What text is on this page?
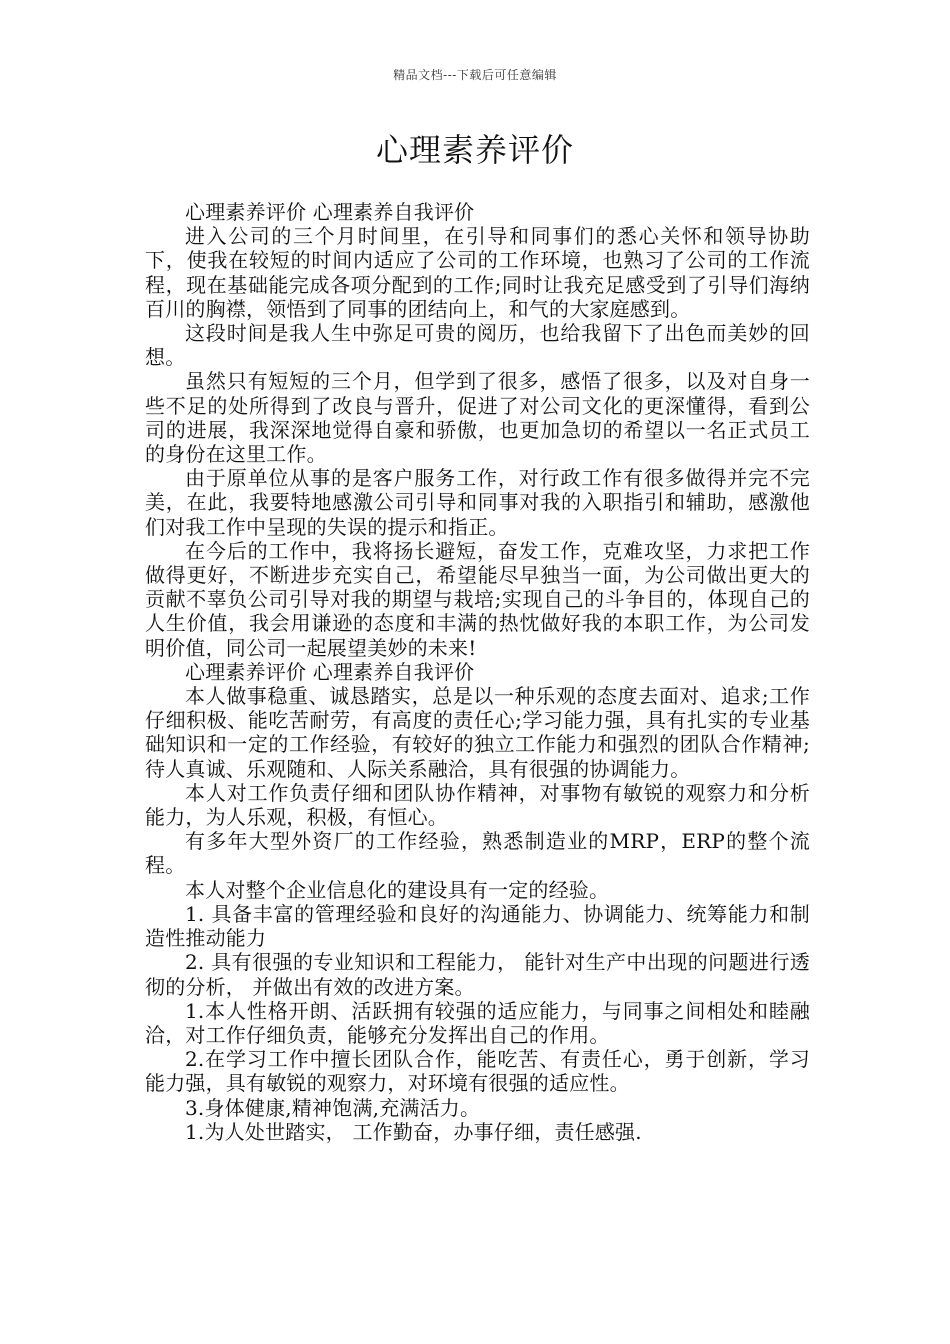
精品文档---下载后可任意编辑
心理素养评价

心理素养评价 心理素养自我评价

进入公司的三个月时间里，在引导和同事们的悉心关怀和领导协助下，使我在较短的时间内适应了公司的工作环境，也熟习了公司的工作流程，现在基础能完成各项分配到的工作;同时让我充足感受到了引导们海纳百川的胸襟，领悟到了同事的团结向上，和气的大家庭感到。

这段时间是我人生中弥足可贵的阅历，也给我留下了出色而美妙的回想。

虽然只有短短的三个月，但学到了很多，感悟了很多，以及对自身一些不足的处所得到了改良与晋升，促进了对公司文化的更深懂得，看到公司的进展，我深深地觉得自豪和骄傲，也更加急切的希望以一名正式员工的身份在这里工作。

由于原单位从事的是客户服务工作，对行政工作有很多做得并完不完美，在此，我要特地感激公司引导和同事对我的入职指引和辅助，感激他们对我工作中呈现的失误的提示和指正。

在今后的工作中，我将扬长避短，奋发工作，克难攻坚，力求把工作做得更好，不断进步充实自己，希望能尽早独当一面，为公司做出更大的贡献不辜负公司引导对我的期望与栽培;实现自己的斗争目的，体现自己的人生价值，我会用谦逊的态度和丰满的热忱做好我的本职工作，为公司发明价值，同公司一起展望美妙的未来!

心理素养评价 心理素养自我评价

本人做事稳重、诚恳踏实，总是以一种乐观的态度去面对、追求;工作仔细积极、能吃苦耐劳，有高度的责任心;学习能力强，具有扎实的专业基础知识和一定的工作经验，有较好的独立工作能力和强烈的团队合作精神;待人真诚、乐观随和、人际关系融洽，具有很强的协调能力。

本人对工作负责仔细和团队协作精神，对事物有敏锐的观察力和分析能力，为人乐观，积极，有恒心。

有多年大型外资厂的工作经验，熟悉制造业的MRP，ERP的整个流程。

本人对整个企业信息化的建设具有一定的经验。

1. 具备丰富的管理经验和良好的沟通能力、协调能力、统筹能力和制造性推动能力

2. 具有很强的专业知识和工程能力， 能针对生产中出现的问题进行透彻的分析， 并做出有效的改进方案。

1.本人性格开朗、活跃拥有较强的适应能力，与同事之间相处和睦融洽，对工作仔细负责，能够充分发挥出自己的作用。

2.在学习工作中擅长团队合作，能吃苦、有责任心，勇于创新，学习能力强，具有敏锐的观察力，对环境有很强的适应性。

3.身体健康,精神饱满,充满活力。

1.为人处世踏实， 工作勤奋，办事仔细，责任感强.
